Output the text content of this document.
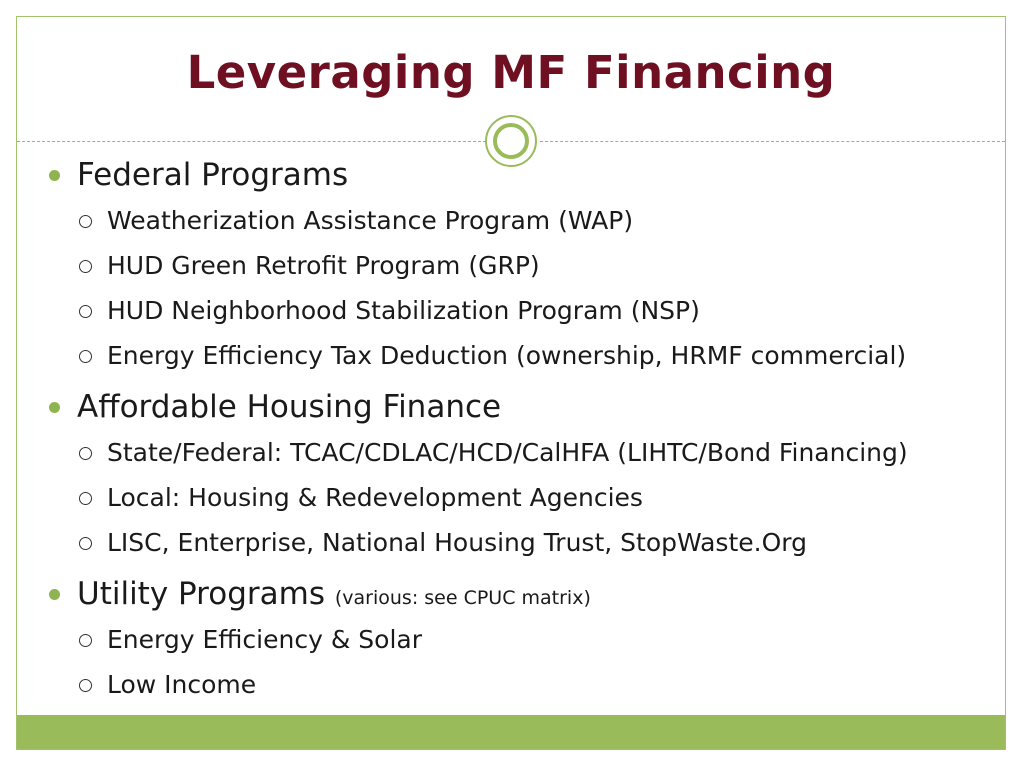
Leveraging MF Financing
Federal Programs
Weatherization Assistance Program (WAP)
HUD Green Retrofit Program (GRP)
HUD Neighborhood Stabilization Program (NSP)
Energy Efficiency Tax Deduction (ownership, HRMF commercial)
Affordable Housing Finance
State/Federal: TCAC/CDLAC/HCD/CalHFA (LIHTC/Bond Financing)
Local: Housing & Redevelopment Agencies
LISC, Enterprise, National Housing Trust, StopWaste.Org
Utility Programs (various: see CPUC matrix)
Energy Efficiency & Solar
Low Income
